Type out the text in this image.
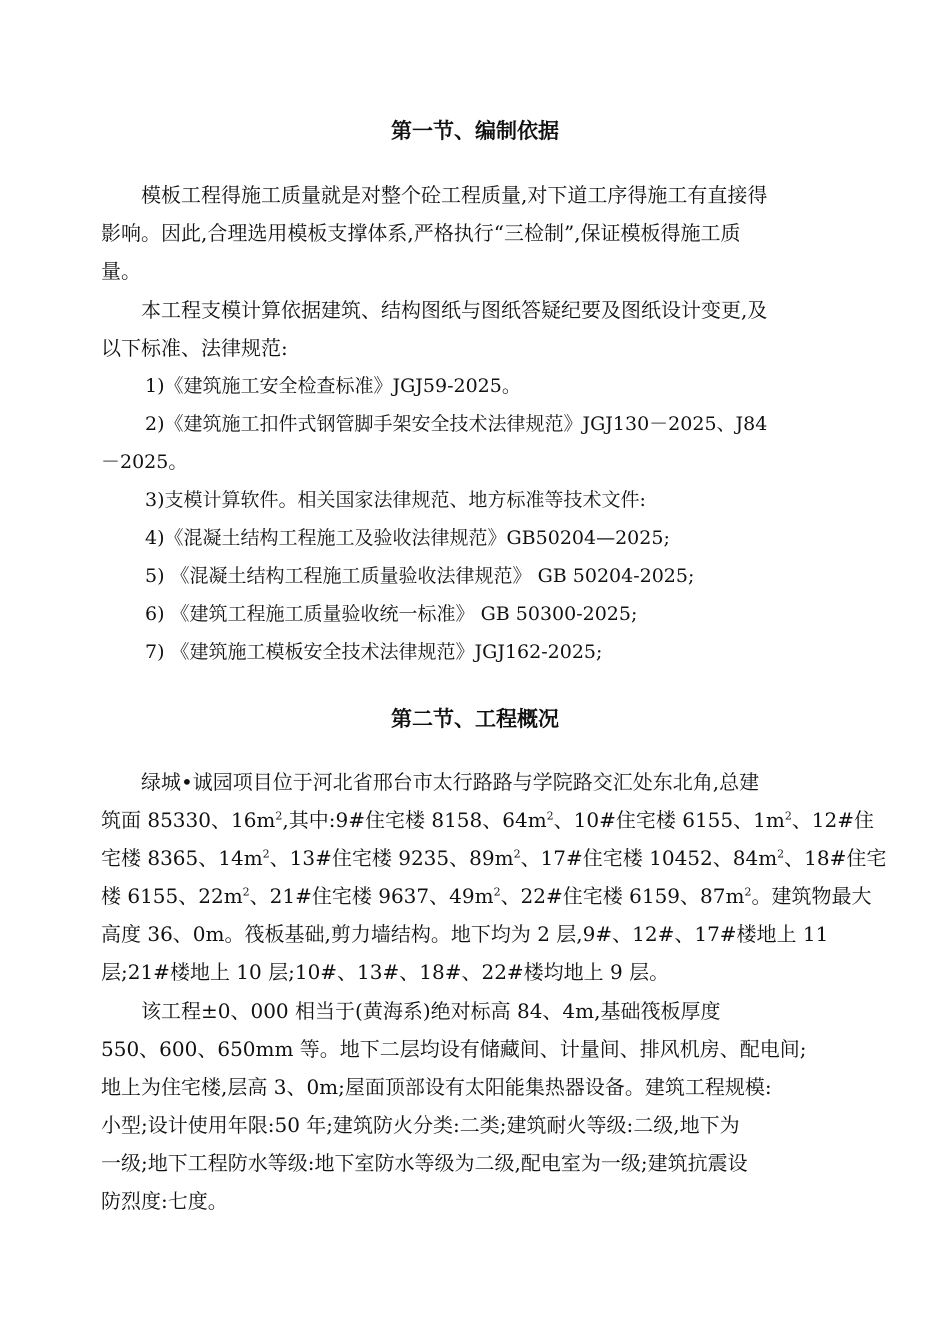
第一节、编制依据

模板工程得施工质量就是对整个砼工程质量,对下道工序得施工有直接得
影响。因此,合理选用模板支撑体系,严格执行“三检制”,保证模板得施工质
量。

本工程支模计算依据建筑、结构图纸与图纸答疑纪要及图纸设计变更,及
以下标准、法律规范:

1)《建筑施工安全检查标准》JGJ59-2025。
2)《建筑施工扣件式钢管脚手架安全技术法律规范》JGJ130－2025、J84
－2025。
3)支模计算软件。相关国家法律规范、地方标准等技术文件:
4)《混凝土结构工程施工及验收法律规范》GB50204—2025;
5) 《混凝土结构工程施工质量验收法律规范》 GB 50204-2025;
6) 《建筑工程施工质量验收统一标准》 GB 50300-2025;
7) 《建筑施工模板安全技术法律规范》JGJ162-2025;
第二节、工程概况

绿城•诚园项目位于河北省邢台市太行路路与学院路交汇处东北角,总建
筑面 85330、$16m^2$,其中:9#住宅楼 8158、$64m^2$、10#住宅楼 6155、$1m^2$、12#住
宅楼 8365、$14m^2$、13#住宅楼 9235、$89m^2$、17#住宅楼 10452、$84m^2$、18#住宅
楼 6155、$22m^2$、21#住宅楼 9637、$49m^2$、22#住宅楼 6159、$87m^2$。建筑物最大
高度 36、0m。筏板基础,剪力墙结构。地下均为 2 层,9#、12#、17#楼地上 11
层;21#楼地上 10 层;10#、13#、18#、22#楼均地上 9 层。

该工程±0、000 相当于(黄海系)绝对标高 84、4m,基础筏板厚度
550、600、650mm 等。地下二层均设有储藏间、计量间、排风机房、配电间;
地上为住宅楼,层高 3、0m;屋面顶部设有太阳能集热器设备。建筑工程规模:
小型;设计使用年限:50 年;建筑防火分类:二类;建筑耐火等级:二级,地下为
一级;地下工程防水等级:地下室防水等级为二级,配电室为一级;建筑抗震设
防烈度:七度。
